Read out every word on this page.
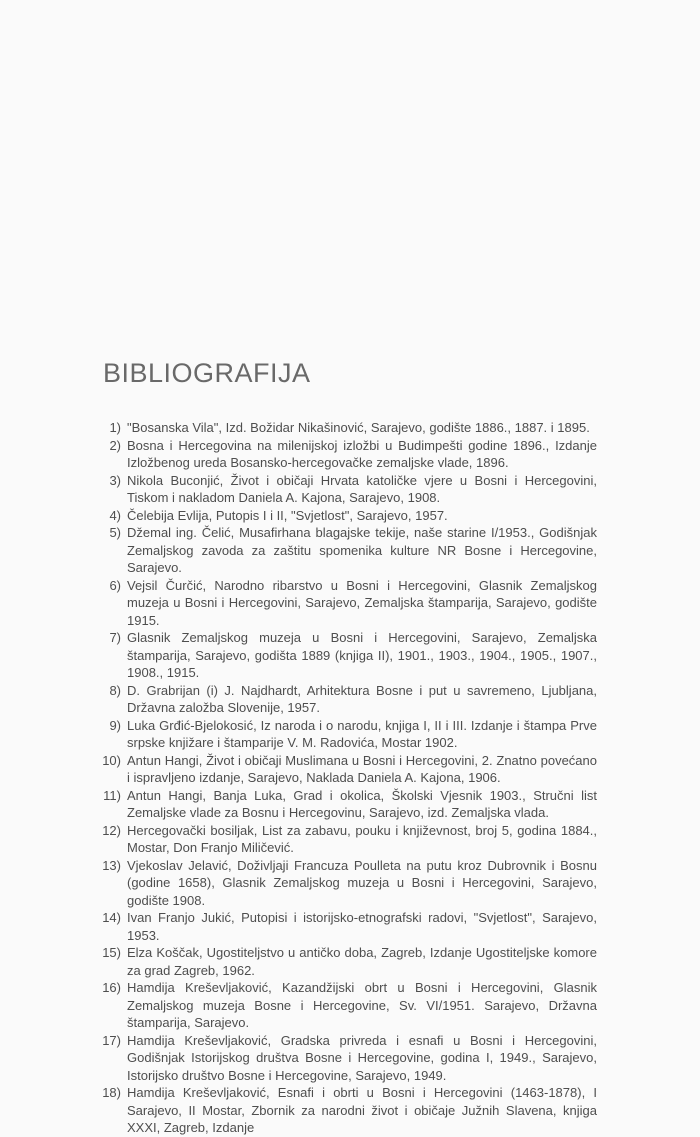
BIBLIOGRAFIJA
1) "Bosanska Vila", Izd. Božidar Nikašinović, Sarajevo, godište 1886., 1887. i 1895.
2) Bosna i Hercegovina na milenijskoj izložbi u Budimpešti godine 1896., Izdanje Izložbenog ureda Bosansko-hercegovačke zemaljske vlade, 1896.
3) Nikola Buconjić, Život i običaji Hrvata katoličke vjere u Bosni i Hercegovini, Tiskom i nakladom Daniela A. Kajona, Sarajevo, 1908.
4) Čelebija Evlija, Putopis I i II, "Svjetlost", Sarajevo, 1957.
5) Džemal ing. Čelić, Musafirhana blagajske tekije, naše starine I/1953., Godišnjak Zemaljskog zavoda za zaštitu spomenika kulture NR Bosne i Hercegovine, Sarajevo.
6) Vejsil Čurčić, Narodno ribarstvo u Bosni i Hercegovini, Glasnik Zemaljskog muzeja u Bosni i Hercegovini, Sarajevo, Zemaljska štamparija, Sarajevo, godište 1915.
7) Glasnik Zemaljskog muzeja u Bosni i Hercegovini, Sarajevo, Zemaljska štamparija, Sarajevo, godišta 1889 (knjiga II), 1901., 1903., 1904., 1905., 1907., 1908., 1915.
8) D. Grabrijan (i) J. Najdhardt, Arhitektura Bosne i put u savremeno, Ljubljana, Državna založba Slovenije, 1957.
9) Luka Grđić-Bjelokosić, Iz naroda i o narodu, knjiga I, II i III. Izdanje i štampa Prve srpske knjižare i štamparije V. M. Radovića, Mostar 1902.
10) Antun Hangi, Život i običaji Muslimana u Bosni i Hercegovini, 2. Znatno povećano i ispravljeno izdanje, Sarajevo, Naklada Daniela A. Kajona, 1906.
11) Antun Hangi, Banja Luka, Grad i okolica, Školski Vjesnik 1903., Stručni list Zemaljske vlade za Bosnu i Hercegovinu, Sarajevo, izd. Zemaljska vlada.
12) Hercegovački bosiljak, List za zabavu, pouku i književnost, broj 5, godina 1884., Mostar, Don Franjo Miličević.
13) Vjekoslav Jelavić, Doživljaji Francuza Poulleta na putu kroz Dubrovnik i Bosnu (godine 1658), Glasnik Zemaljskog muzeja u Bosni i Hercegovini, Sarajevo, godište 1908.
14) Ivan Franjo Jukić, Putopisi i istorijsko-etnografski radovi, "Svjetlost", Sarajevo, 1953.
15) Elza Koščak, Ugostiteljstvo u antičko doba, Zagreb, Izdanje Ugostiteljske komore za grad Zagreb, 1962.
16) Hamdija Kreševljaković, Kazandžijski obrt u Bosni i Hercegovini, Glasnik Zemaljskog muzeja Bosne i Hercegovine, Sv. VI/1951. Sarajevo, Državna štamparija, Sarajevo.
17) Hamdija Kreševljaković, Gradska privreda i esnafi u Bosni i Hercegovini, Godišnjak Istorijskog društva Bosne i Hercegovine, godina I, 1949., Sarajevo, Istorijsko društvo Bosne i Hercegovine, Sarajevo, 1949.
18) Hamdija Kreševljaković, Esnafi i obrti u Bosni i Hercegovini (1463-1878), I Sarajevo, II Mostar, Zbornik za narodni život i običaje Južnih Slavena, knjiga XXXI, Zagreb, Izdanje
